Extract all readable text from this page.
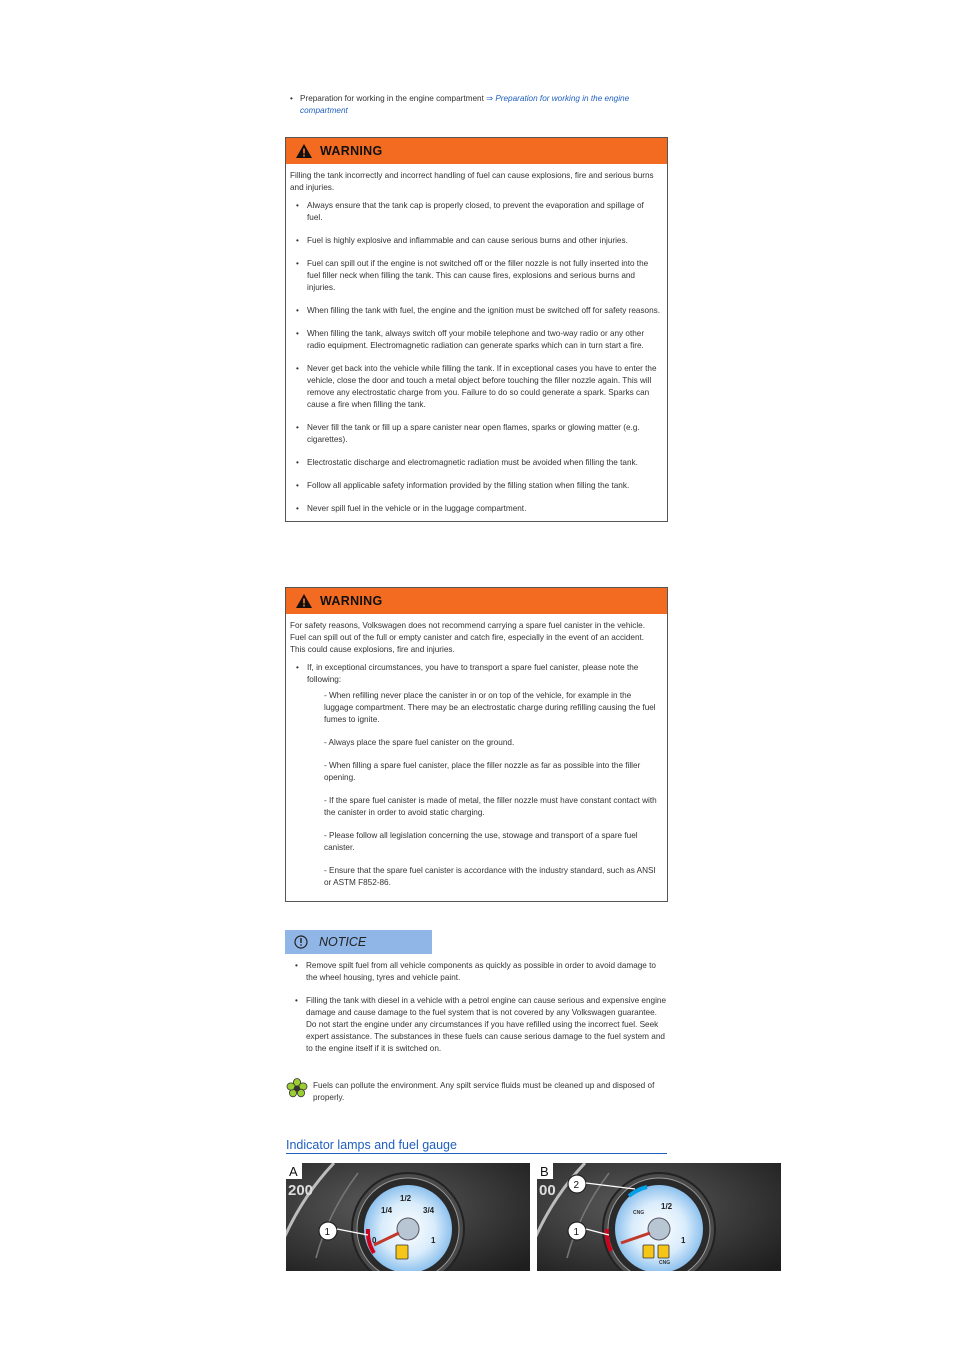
• Preparation for working in the engine compartment ⇒ Preparation for working in the engine compartment
WARNING
Filling the tank incorrectly and incorrect handling of fuel can cause explosions, fire and serious burns and injuries.
• Always ensure that the tank cap is properly closed, to prevent the evaporation and spillage of fuel.
• Fuel is highly explosive and inflammable and can cause serious burns and other injuries.
• Fuel can spill out if the engine is not switched off or the filler nozzle is not fully inserted into the fuel filler neck when filling the tank. This can cause fires, explosions and serious burns and injuries.
• When filling the tank with fuel, the engine and the ignition must be switched off for safety reasons.
• When filling the tank, always switch off your mobile telephone and two-way radio or any other radio equipment. Electromagnetic radiation can generate sparks which can in turn start a fire.
• Never get back into the vehicle while filling the tank. If in exceptional cases you have to enter the vehicle, close the door and touch a metal object before touching the filler nozzle again. This will remove any electrostatic charge from you. Failure to do so could generate a spark. Sparks can cause a fire when filling the tank.
• Never fill the tank or fill up a spare canister near open flames, sparks or glowing matter (e.g. cigarettes).
• Electrostatic discharge and electromagnetic radiation must be avoided when filling the tank.
• Follow all applicable safety information provided by the filling station when filling the tank.
• Never spill fuel in the vehicle or in the luggage compartment.
WARNING
For safety reasons, Volkswagen does not recommend carrying a spare fuel canister in the vehicle. Fuel can spill out of the full or empty canister and catch fire, especially in the event of an accident. This could cause explosions, fire and injuries.
• If, in exceptional circumstances, you have to transport a spare fuel canister, please note the following:
- When refilling never place the canister in or on top of the vehicle, for example in the luggage compartment. There may be an electrostatic charge during refilling causing the fuel fumes to ignite.
- Always place the spare fuel canister on the ground.
- When filling a spare fuel canister, place the filler nozzle as far as possible into the filler opening.
- If the spare fuel canister is made of metal, the filler nozzle must have constant contact with the canister in order to avoid static charging.
- Please follow all legislation concerning the use, stowage and transport of a spare fuel canister.
- Ensure that the spare fuel canister is accordance with the industry standard, such as ANSI or ASTM F852-86.
NOTICE
• Remove spilt fuel from all vehicle components as quickly as possible in order to avoid damage to the wheel housing, tyres and vehicle paint.
• Filling the tank with diesel in a vehicle with a petrol engine can cause serious and expensive engine damage and cause damage to the fuel system that is not covered by any Volkswagen guarantee. Do not start the engine under any circumstances if you have refilled using the incorrect fuel. Seek expert assistance. The substances in these fuels can cause serious damage to the fuel system and to the engine itself if it is switched on.
Fuels can pollute the environment. Any spilt service fluids must be cleaned up and disposed of properly.
Indicator lamps and fuel gauge
1/4
1/2
3/4
1
0
200
1
A
CNG
CNG
1/2
1
00 2
1
B
